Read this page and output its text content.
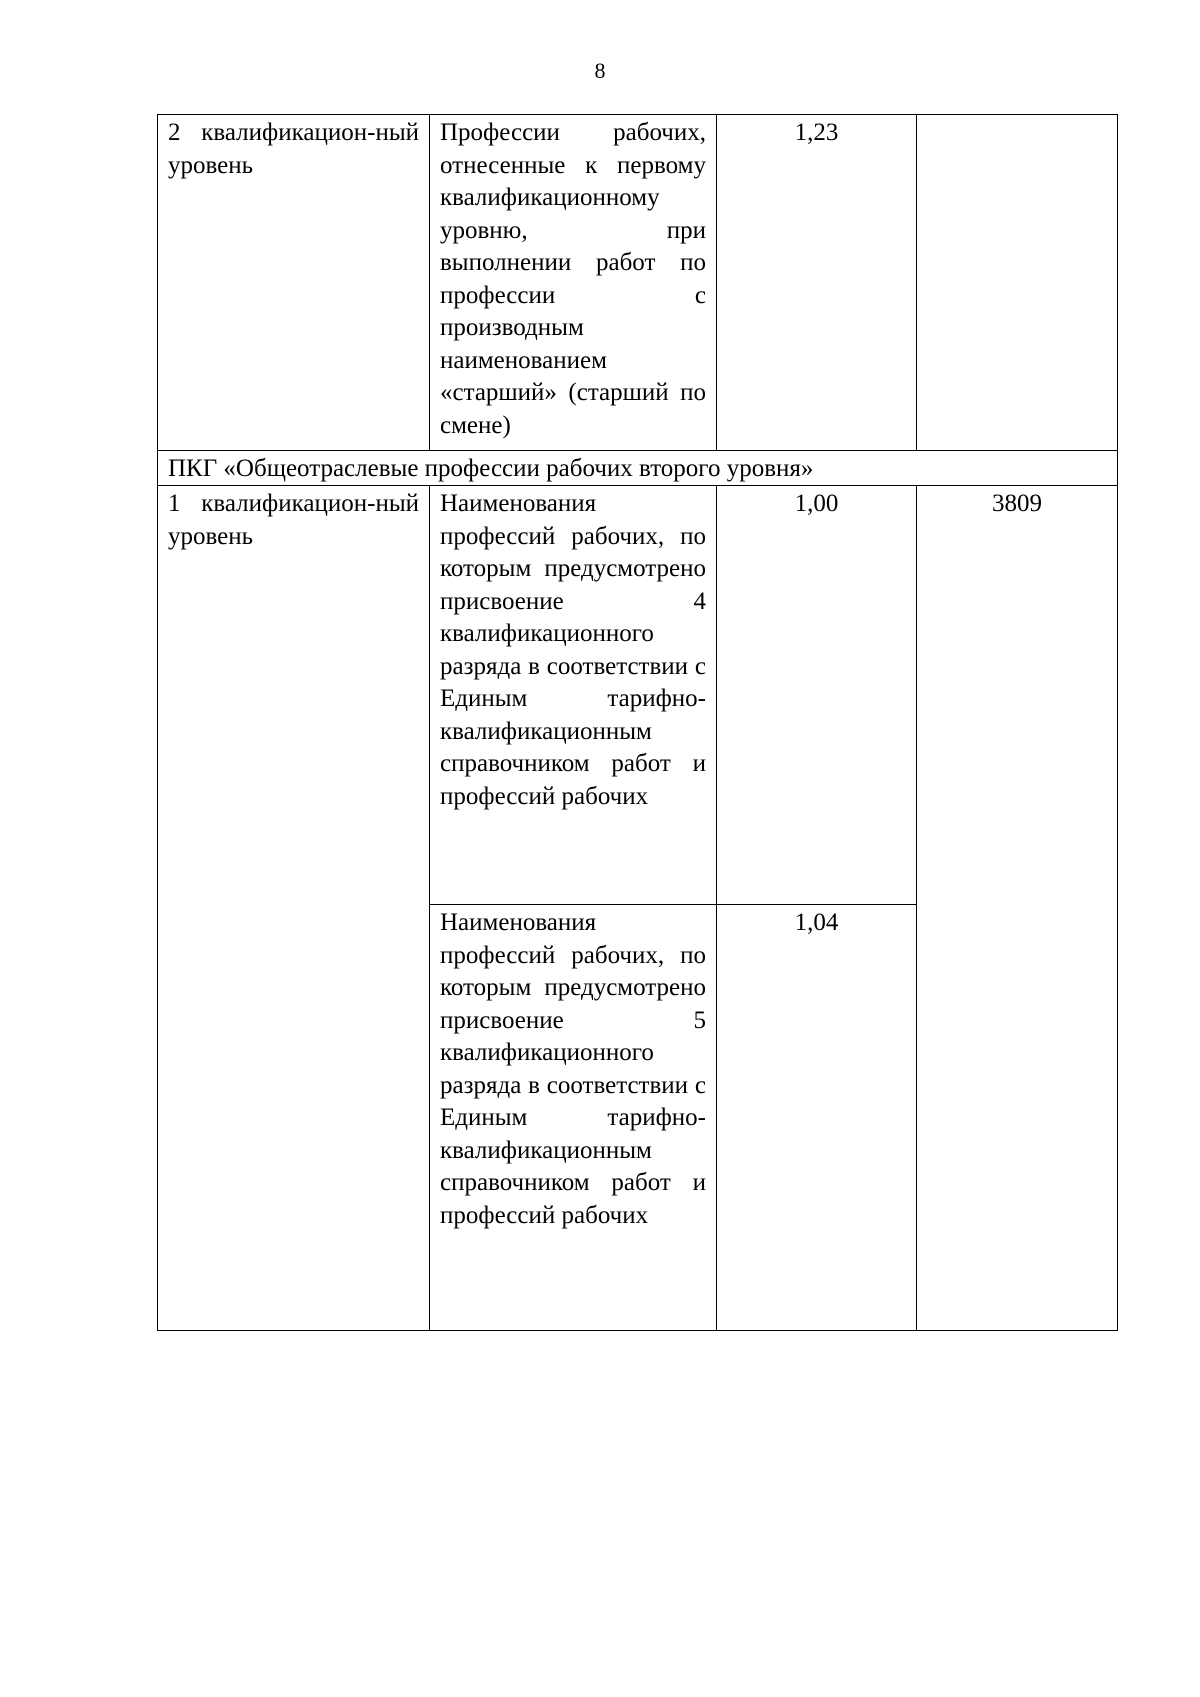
8
2 квалификацион-ный уровень	Профессии рабочих, отнесенные к первому квалификационному уровню, при выполнении работ по профессии с производным наименованием «старший» (старший по смене)	1,23	
ПКГ «Общеотраслевые профессии рабочих второго уровня»			
1 квалификацион-ный уровень	Наименования профессий рабочих, по которым предусмотрено присвоение 4 квалификационного разряда в соответствии с Единым тарифно-квалификационным справочником работ и профессий рабочих	1,00	3809
	Наименования профессий рабочих, по которым предусмотрено присвоение 5 квалификационного разряда в соответствии с Единым тарифно-квалификационным справочником работ и профессий рабочих	1,04	
